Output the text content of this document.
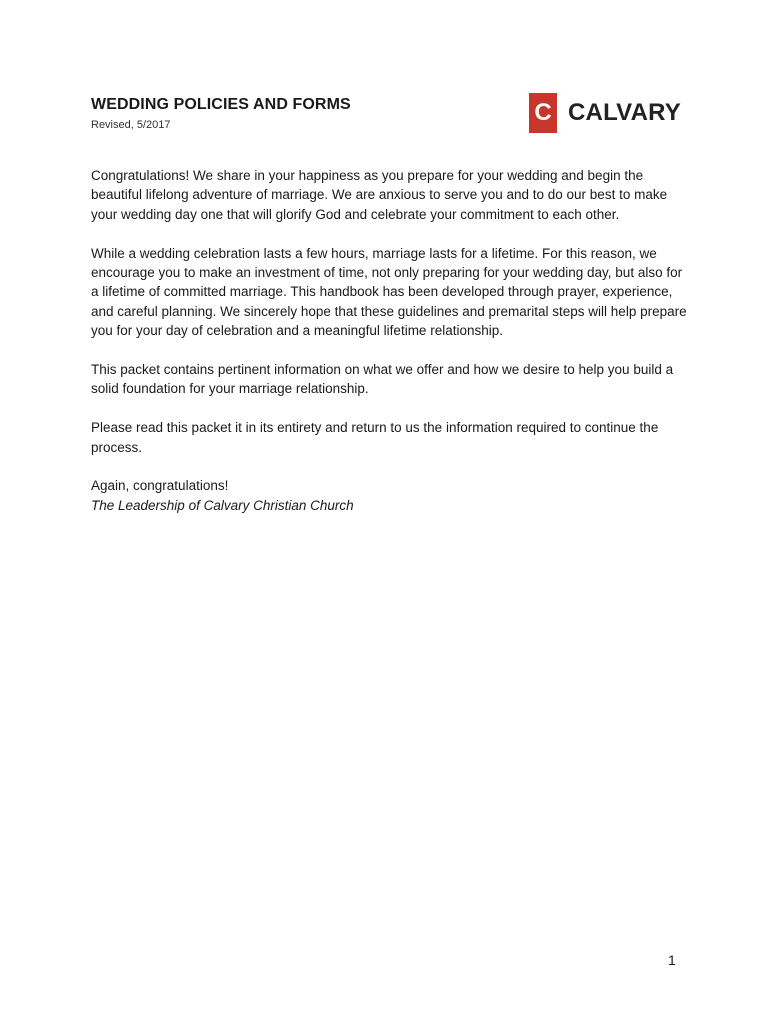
WEDDING POLICIES AND FORMS
Revised, 5/2017	C CALVARY

Congratulations! We share in your happiness as you prepare for your wedding and begin the beautiful lifelong adventure of marriage. We are anxious to serve you and to do our best to make your wedding day one that will glorify God and celebrate your commitment to each other.

While a wedding celebration lasts a few hours, marriage lasts for a lifetime. For this reason, we encourage you to make an investment of time, not only preparing for your wedding day, but also for a lifetime of committed marriage. This handbook has been developed through prayer, experience, and careful planning. We sincerely hope that these guidelines and premarital steps will help prepare you for your day of celebration and a meaningful lifetime relationship.

This packet contains pertinent information on what we offer and how we desire to help you build a solid foundation for your marriage relationship.

Please read this packet it in its entirety and return to us the information required to continue the process.

Again, congratulations!

The Leadership of Calvary Christian Church

1
